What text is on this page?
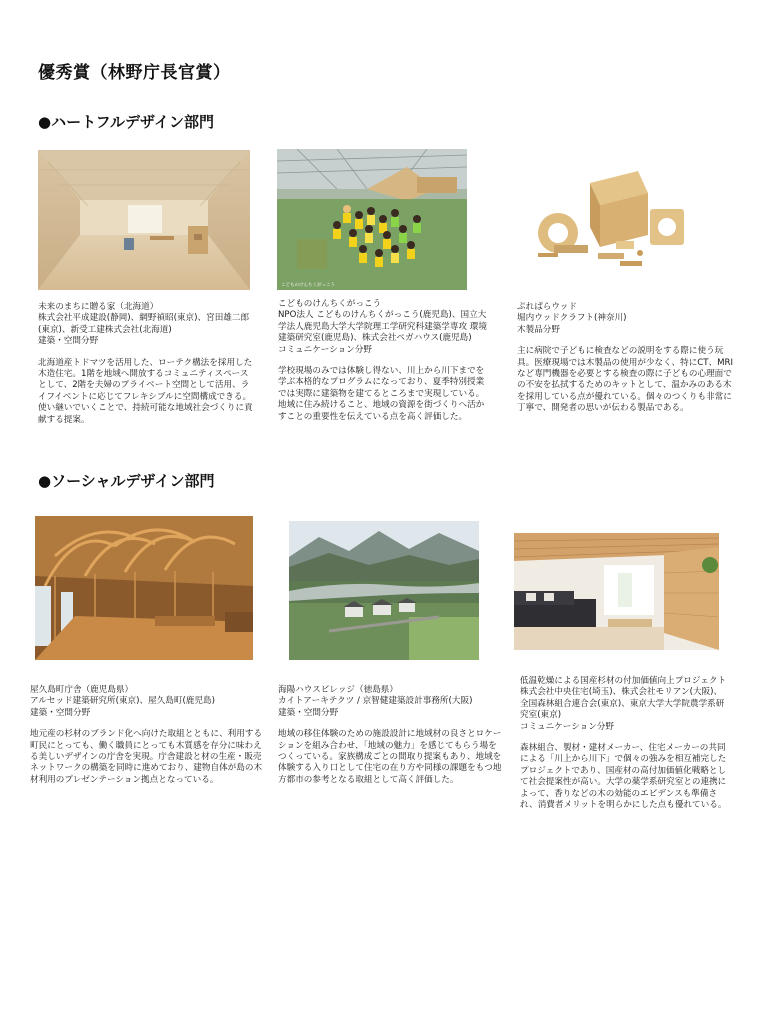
優秀賞（林野庁長官賞）
●ハートフルデザイン部門
こどものけんちくがっこう
未来のまちに贈る家（北海道）
株式会社平成建設(静岡)、網野禎昭(東京)、宮田雄二郎(東京)、新受工建株式会社(北海道)
建築・空間分野
北海道産トドマツを活用した、ローテク構法を採用した木造住宅。1階を地域へ開放するコミュニティスペースとして、2階を夫婦のプライベート空間として活用、ライフイベントに応じてフレキシブルに空間構成できる。使い継いでいくことで、持続可能な地域社会づくりに貢献する提案。
こどものけんちくがっこう
NPO法人 こどものけんちくがっこう(鹿児島)、国立大学法人鹿児島大学大学院理工学研究科建築学専攻 環境建築研究室(鹿児島)、株式会社ペガハウス(鹿児島)
コミュニケーション分野
学校現場のみでは体験し得ない、川上から川下までを学ぶ本格的なプログラムになっており、夏季特別授業では実際に建築物を建てるところまで実現している。地域に住み続けること、地域の資源を街づくりへ活かすことの重要性を伝えている点を高く評価した。
ぷれぱらウッド
堀内ウッドクラフト(神奈川)
木製品分野
主に病院で子どもに検査などの説明をする際に使う玩具。医療現場では木製品の使用が少なく、特にCT、MRIなど専門機器を必要とする検査の際に子どもの心理面での不安を払拭するためのキットとして、温かみのある木を採用している点が優れている。個々のつくりも非常に丁寧で、開発者の思いが伝わる製品である。
●ソーシャルデザイン部門
屋久島町庁舎（鹿児島県）
アルセッド建築研究所(東京)、屋久島町(鹿児島)
建築・空間分野
地元産の杉材のブランド化へ向けた取組とともに、利用する町民にとっても、働く職員にとっても木質感を存分に味わえる美しいデザインの庁舎を実現。庁舎建設と材の生産・販売ネットワークの構築を同時に進めており、建物自体が島の木材利用のプレゼンテーション拠点となっている。
海陽ハウスビレッジ（徳島県）
カイトアーキテクツ / 京智健建築設計事務所(大阪)
建築・空間分野
地域の移住体験のための施設設計に地域材の良さとロケーションを組み合わせ、「地域の魅力」を感じてもらう場をつくっている。家族構成ごとの間取り提案もあり、地域を体験する入り口として住宅の在り方や同様の課題をもつ地方都市の参考となる取組として高く評価した。
低温乾燥による国産杉材の付加価値向上プロジェクト
株式会社中央住宅(埼玉)、株式会社モリアン(大阪)、全国森林組合連合会(東京)、東京大学大学院農学系研究室(東京)
コミュニケーション分野
森林組合、製材・建材メーカー、住宅メーカーの共同による「川上から川下」で個々の強みを相互補完したプロジェクトであり、国産材の高付加価値化戦略として社会提案性が高い。大学の薬学系研究室との連携によって、香りなどの木の効能のエビデンスも準備され、消費者メリットを明らかにした点も優れている。
